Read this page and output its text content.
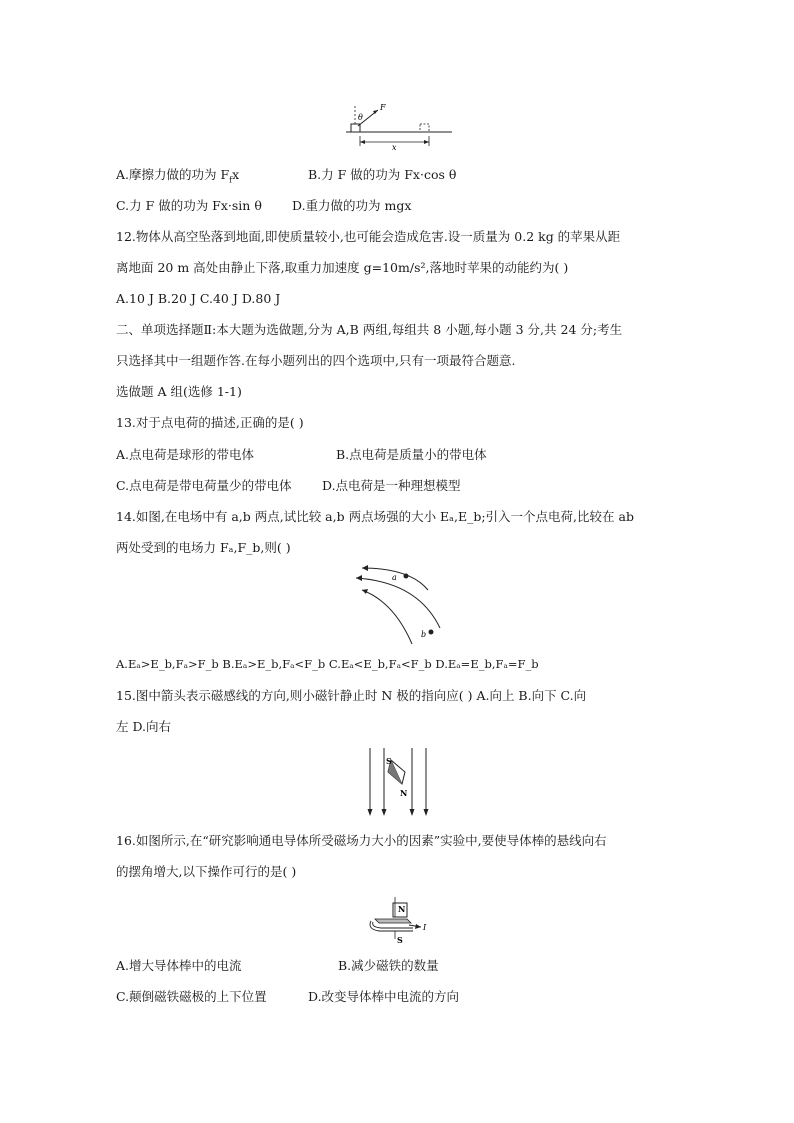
θ
F
x
A.摩擦力做的功为 $F_fx$	B.力 F 做的功为 Fx·cos θ
C.力 F 做的功为 Fx·sin θ D.重力做的功为 mgx
12.物体从高空坠落到地面,即使质量较小,也可能会造成危害.设一质量为 0.2 kg 的苹果从距
离地面 20 m 高处由静止下落,取重力加速度 g=10m/s²,落地时苹果的动能约为( )
A.10 J B.20 J C.40 J D.80 J
二、单项选择题Ⅱ:本大题为选做题,分为 A,B 两组,每组共 8 小题,每小题 3 分,共 24 分;考生
只选择其中一组题作答.在每小题列出的四个选项中,只有一项最符合题意.
选做题 A 组(选修 1-1)
13.对于点电荷的描述,正确的是( )
A.点电荷是球形的带电体	B.点电荷是质量小的带电体
C.点电荷是带电荷量少的带电体 D.点电荷是一种理想模型
14.如图,在电场中有 a,b 两点,试比较 a,b 两点场强的大小 Eₐ,E_b;引入一个点电荷,比较在 ab
两处受到的电场力 Fₐ,F_b,则( )
a
b
A.Eₐ>E_b,Fₐ>F_b B.Eₐ>E_b,Fₐ<F_b C.Eₐ<E_b,Fₐ<F_b D.Eₐ=E_b,Fₐ=F_b
15.图中箭头表示磁感线的方向,则小磁针静止时 N 极的指向应( ) A.向上 B.向下 C.向
左 D.向右
S
N
16.如图所示,在“研究影响通电导体所受磁场力大小的因素”实验中,要使导体棒的悬线向右
的摆角增大,以下操作可行的是( )
N
I
S
A.增大导体棒中的电流	B.减少磁铁的数量
C.颠倒磁铁磁极的上下位置	D.改变导体棒中电流的方向
